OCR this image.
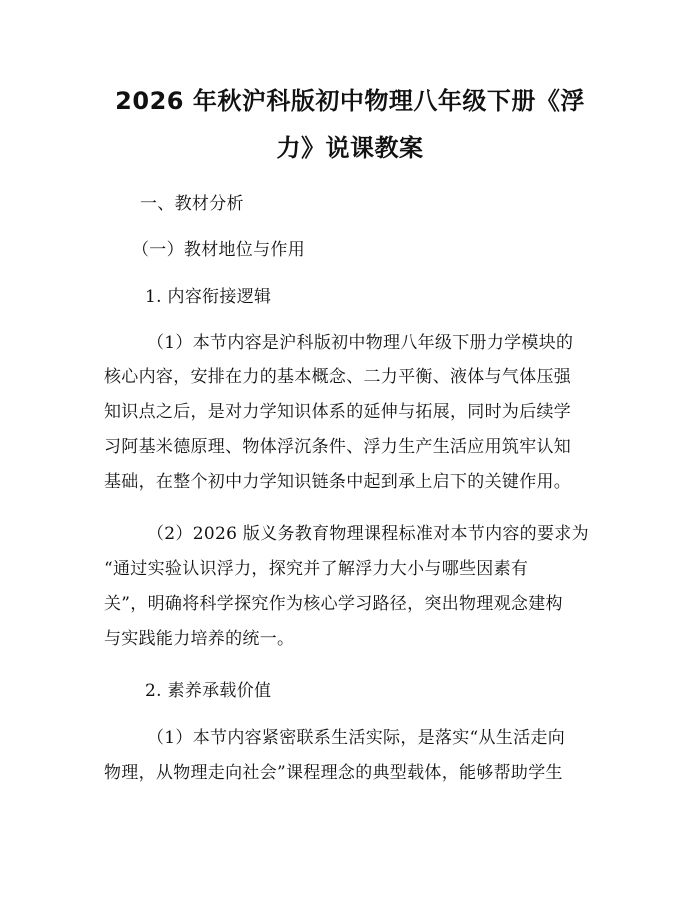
2026 年秋沪科版初中物理八年级下册《浮
力》说课教案
一、教材分析
（一）教材地位与作用
1. 内容衔接逻辑
（1）本节内容是沪科版初中物理八年级下册力学模块的
核心内容，安排在力的基本概念、二力平衡、液体与气体压强
知识点之后，是对力学知识体系的延伸与拓展，同时为后续学
习阿基米德原理、物体浮沉条件、浮力生产生活应用筑牢认知
基础，在整个初中力学知识链条中起到承上启下的关键作用。
（2）2026 版义务教育物理课程标准对本节内容的要求为
“通过实验认识浮力，探究并了解浮力大小与哪些因素有
关”，明确将科学探究作为核心学习路径，突出物理观念建构
与实践能力培养的统一。
2. 素养承载价值
（1）本节内容紧密联系生活实际，是落实“从生活走向
物理，从物理走向社会”课程理念的典型载体，能够帮助学生
